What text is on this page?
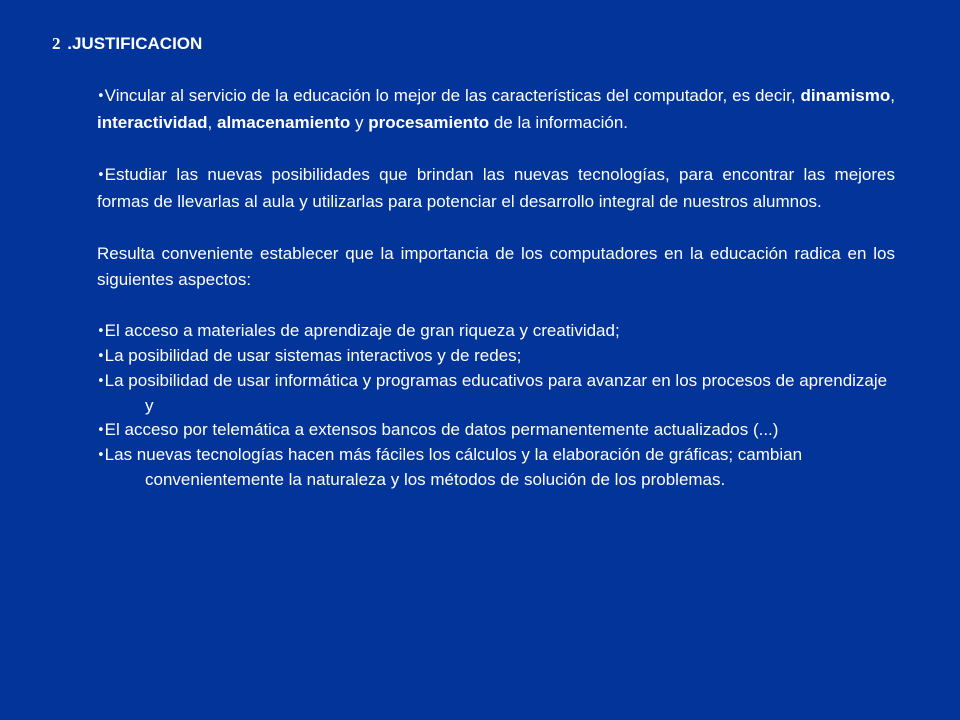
2 .JUSTIFICACION

•Vincular al servicio de la educación lo mejor de las características del computador, es decir, dinamismo, interactividad, almacenamiento y procesamiento de la información.

•Estudiar las nuevas posibilidades que brindan las nuevas tecnologías, para encontrar las mejores formas de llevarlas al aula y utilizarlas para potenciar el desarrollo integral de nuestros alumnos.

Resulta conveniente establecer que la importancia de los computadores en la educación radica en los siguientes aspectos:

•El acceso a materiales de aprendizaje de gran riqueza y creatividad;
•La posibilidad de usar sistemas interactivos y de redes;
•La posibilidad de usar informática y programas educativos para avanzar en los procesos de aprendizaje y
•El acceso por telemática a extensos bancos de datos permanentemente actualizados (...)
•Las nuevas tecnologías hacen más fáciles los cálculos y la elaboración de gráficas; cambian convenientemente la naturaleza y los métodos de solución de los problemas.
